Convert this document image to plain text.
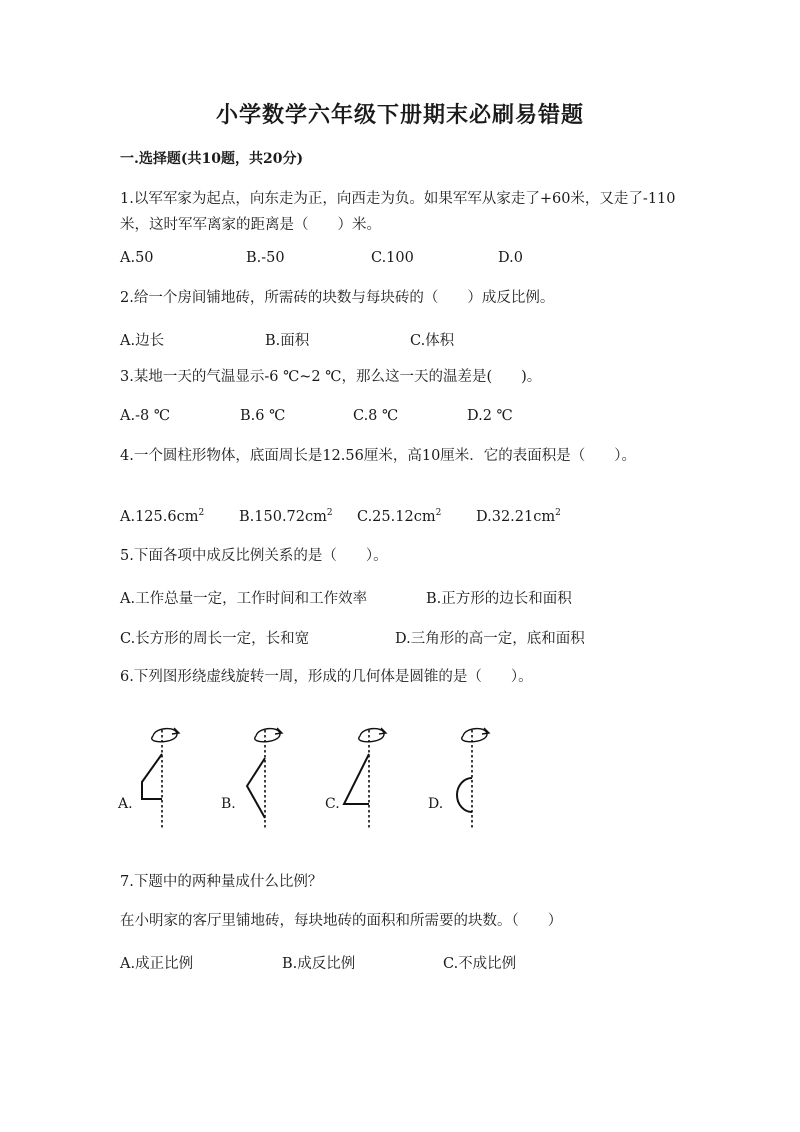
小学数学六年级下册期末必刷易错题
一.选择题(共10题，共20分)
1.以军军家为起点，向东走为正，向西走为负。如果军军从家走了+60米，又走了-110米，这时军军离家的距离是（　　）米。
A.50	B.-50	C.100	D.0
2.给一个房间铺地砖，所需砖的块数与每块砖的（　　）成反比例。
A.边长	B.面积	C.体积
3.某地一天的气温显示-6 ℃~2 ℃，那么这一天的温差是(　　)。
A.-8 ℃	B.6 ℃	C.8 ℃	D.2 ℃
4.一个圆柱形物体，底面周长是12.56厘米，高10厘米．它的表面积是（　　）。
$A.125.6cm^2$ $B.150.72cm^2$ $C.25.12cm^2$ $D.32.21cm^2$
5.下面各项中成反比例关系的是（　　）。
A.工作总量一定，工作时间和工作效率	B.正方形的边长和面积
C.长方形的周长一定，长和宽	D.三角形的高一定，底和面积
6.下列图形绕虚线旋转一周，形成的几何体是圆锥的是（　　）。
A.	B.	C.	D.
7.下题中的两种量成什么比例？
在小明家的客厅里铺地砖，每块地砖的面积和所需要的块数。（　　）
A.成正比例	B.成反比例	C.不成比例
